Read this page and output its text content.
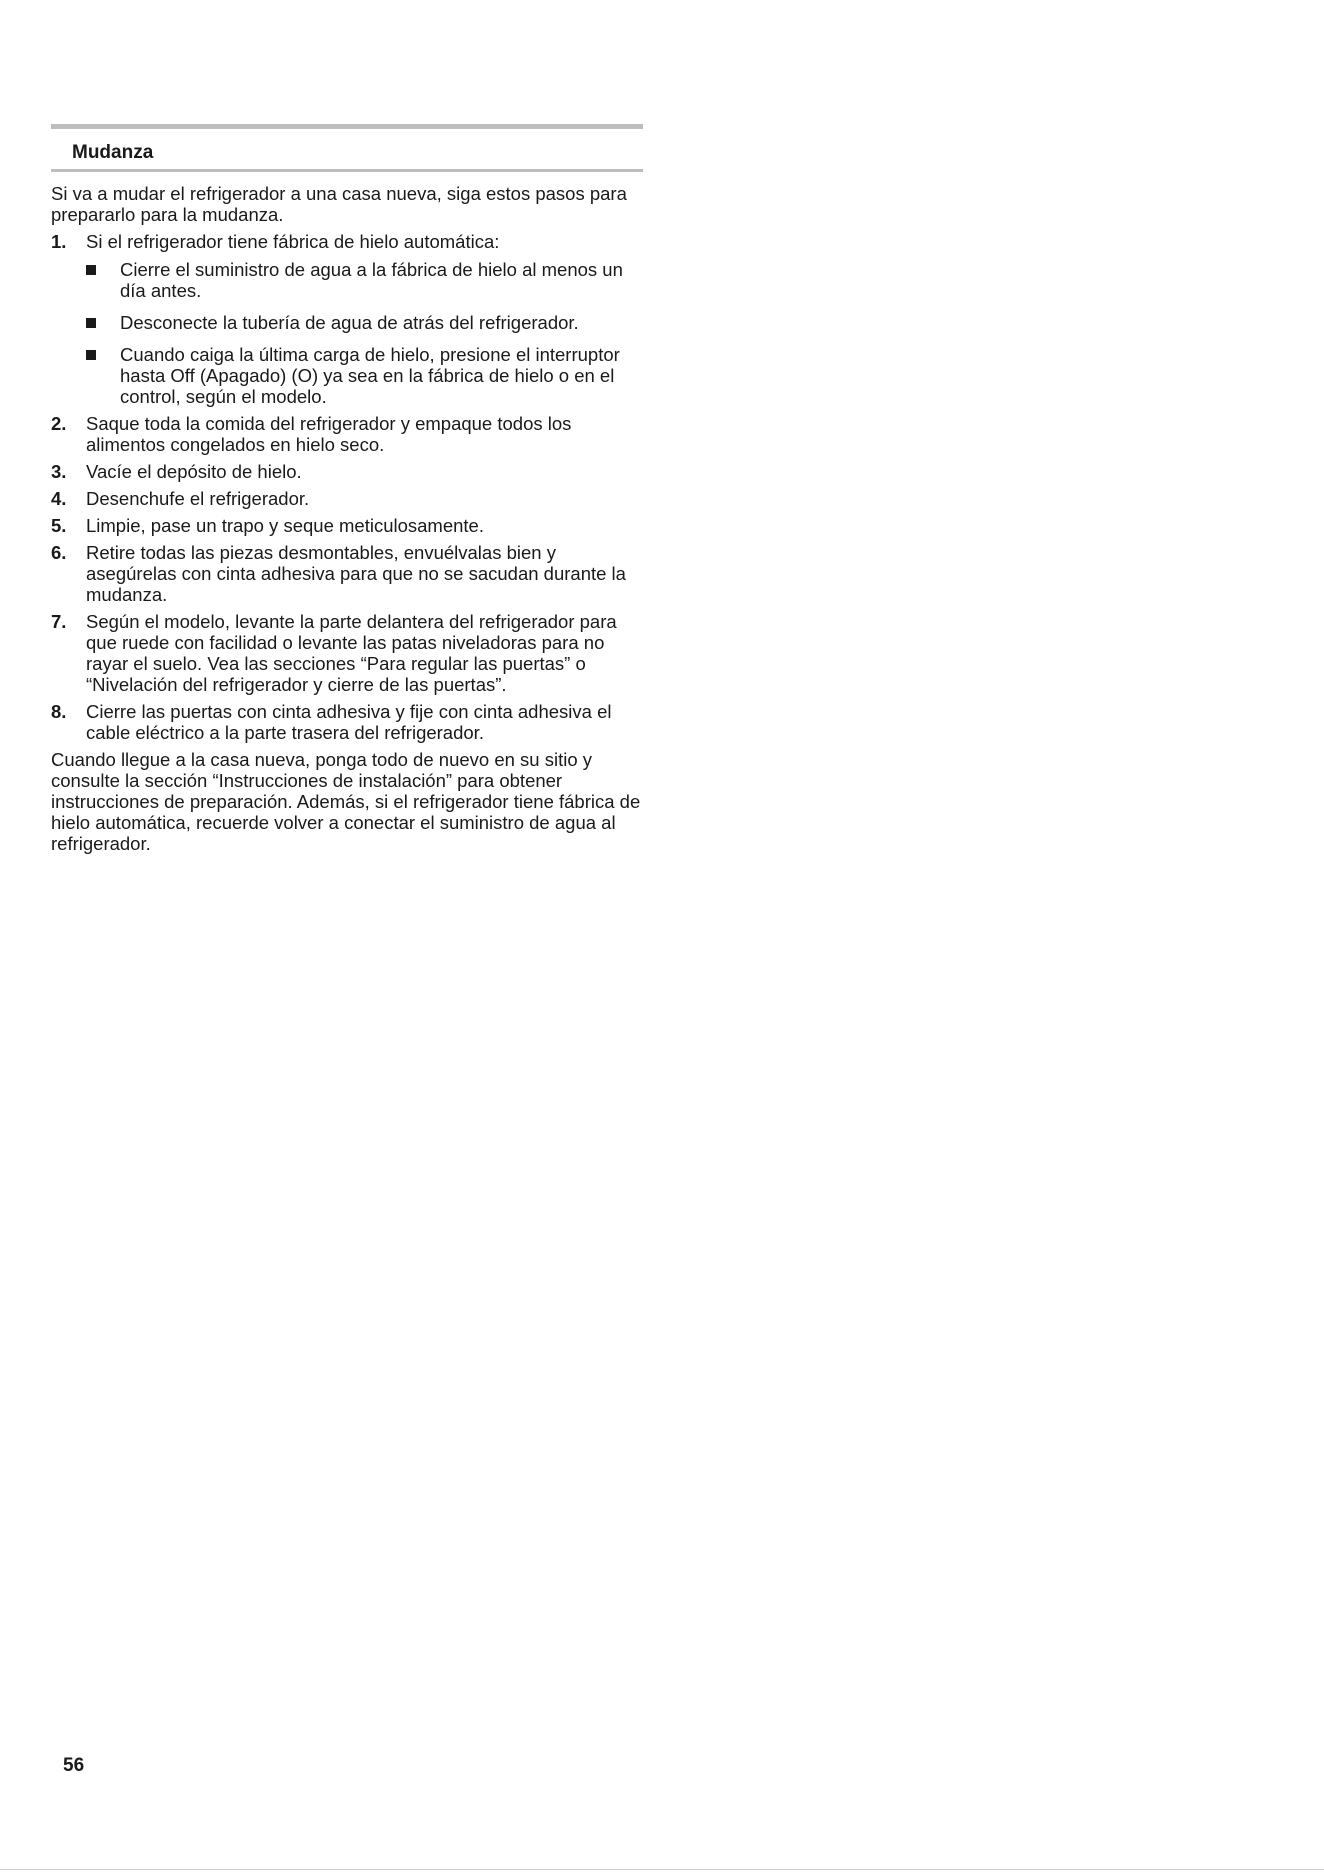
Mudanza

Si va a mudar el refrigerador a una casa nueva, siga estos pasos para prepararlo para la mudanza.

1. Si el refrigerador tiene fábrica de hielo automática:
Cierre el suministro de agua a la fábrica de hielo al menos un día antes.
Desconecte la tubería de agua de atrás del refrigerador.
Cuando caiga la última carga de hielo, presione el interruptor hasta Off (Apagado) (O) ya sea en la fábrica de hielo o en el control, según el modelo.
2. Saque toda la comida del refrigerador y empaque todos los alimentos congelados en hielo seco.
3. Vacíe el depósito de hielo.
4. Desenchufe el refrigerador.
5. Limpie, pase un trapo y seque meticulosamente.
6. Retire todas las piezas desmontables, envuélvalas bien y asegúrelas con cinta adhesiva para que no se sacudan durante la mudanza.
7. Según el modelo, levante la parte delantera del refrigerador para que ruede con facilidad o levante las patas niveladoras para no rayar el suelo. Vea las secciones “Para regular las puertas” o “Nivelación del refrigerador y cierre de las puertas”.
8. Cierre las puertas con cinta adhesiva y fije con cinta adhesiva el cable eléctrico a la parte trasera del refrigerador.

Cuando llegue a la casa nueva, ponga todo de nuevo en su sitio y consulte la sección “Instrucciones de instalación” para obtener instrucciones de preparación. Además, si el refrigerador tiene fábrica de hielo automática, recuerde volver a conectar el suministro de agua al refrigerador.

56
